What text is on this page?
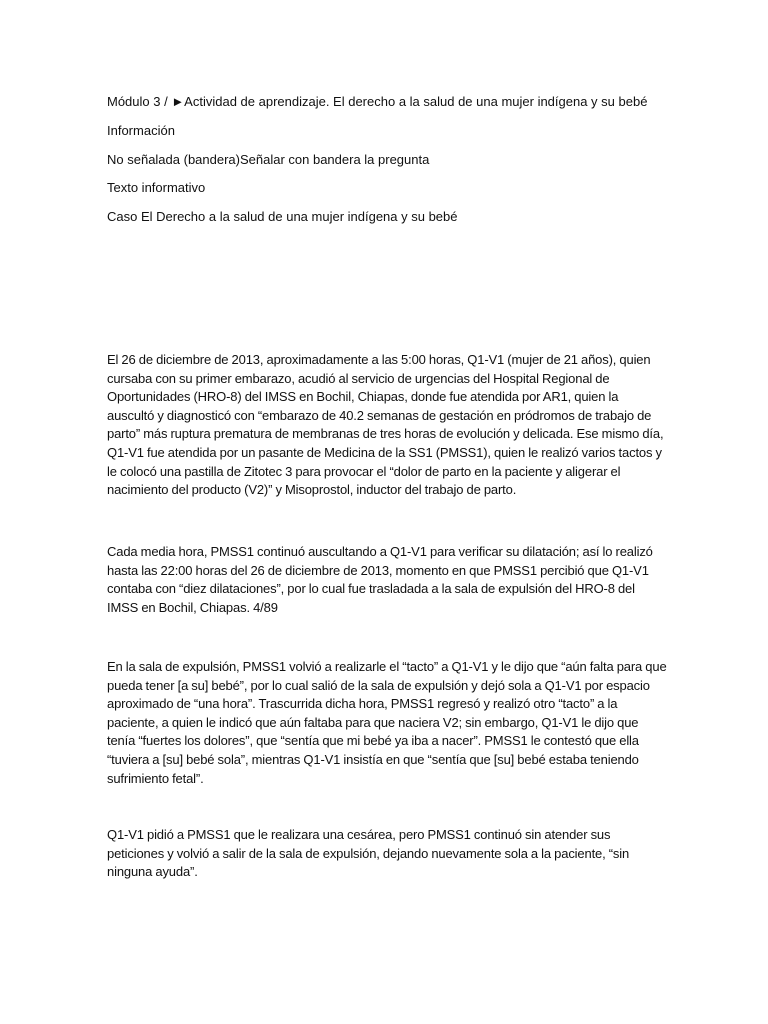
Módulo 3 / ►Actividad de aprendizaje. El derecho a la salud de una mujer indígena y su bebé

Información

No señalada (bandera)Señalar con bandera la pregunta

Texto informativo

Caso El Derecho a la salud de una mujer indígena y su bebé

El 26 de diciembre de 2013, aproximadamente a las 5:00 horas, Q1-V1 (mujer de 21 años), quien cursaba con su primer embarazo, acudió al servicio de urgencias del Hospital Regional de Oportunidades (HRO-8) del IMSS en Bochil, Chiapas, donde fue atendida por AR1, quien la auscultó y diagnosticó con “embarazo de 40.2 semanas de gestación en pródromos de trabajo de parto” más ruptura prematura de membranas de tres horas de evolución y delicada. Ese mismo día, Q1-V1 fue atendida por un pasante de Medicina de la SS1 (PMSS1), quien le realizó varios tactos y le colocó una pastilla de Zitotec 3 para provocar el “dolor de parto en la paciente y aligerar el nacimiento del producto (V2)” y Misoprostol, inductor del trabajo de parto.

Cada media hora, PMSS1 continuó auscultando a Q1-V1 para verificar su dilatación; así lo realizó hasta las 22:00 horas del 26 de diciembre de 2013, momento en que PMSS1 percibió que Q1-V1 contaba con “diez dilataciones”, por lo cual fue trasladada a la sala de expulsión del HRO-8 del IMSS en Bochil, Chiapas. 4/89

En la sala de expulsión, PMSS1 volvió a realizarle el “tacto” a Q1-V1 y le dijo que “aún falta para que pueda tener [a su] bebé”, por lo cual salió de la sala de expulsión y dejó sola a Q1-V1 por espacio aproximado de “una hora”. Trascurrida dicha hora, PMSS1 regresó y realizó otro “tacto” a la paciente, a quien le indicó que aún faltaba para que naciera V2; sin embargo, Q1-V1 le dijo que tenía “fuertes los dolores”, que “sentía que mi bebé ya iba a nacer”. PMSS1 le contestó que ella “tuviera a [su] bebé sola”, mientras Q1-V1 insistía en que “sentía que [su] bebé estaba teniendo sufrimiento fetal”.

Q1-V1 pidió a PMSS1 que le realizara una cesárea, pero PMSS1 continuó sin atender sus peticiones y volvió a salir de la sala de expulsión, dejando nuevamente sola a la paciente, “sin ninguna ayuda”.
